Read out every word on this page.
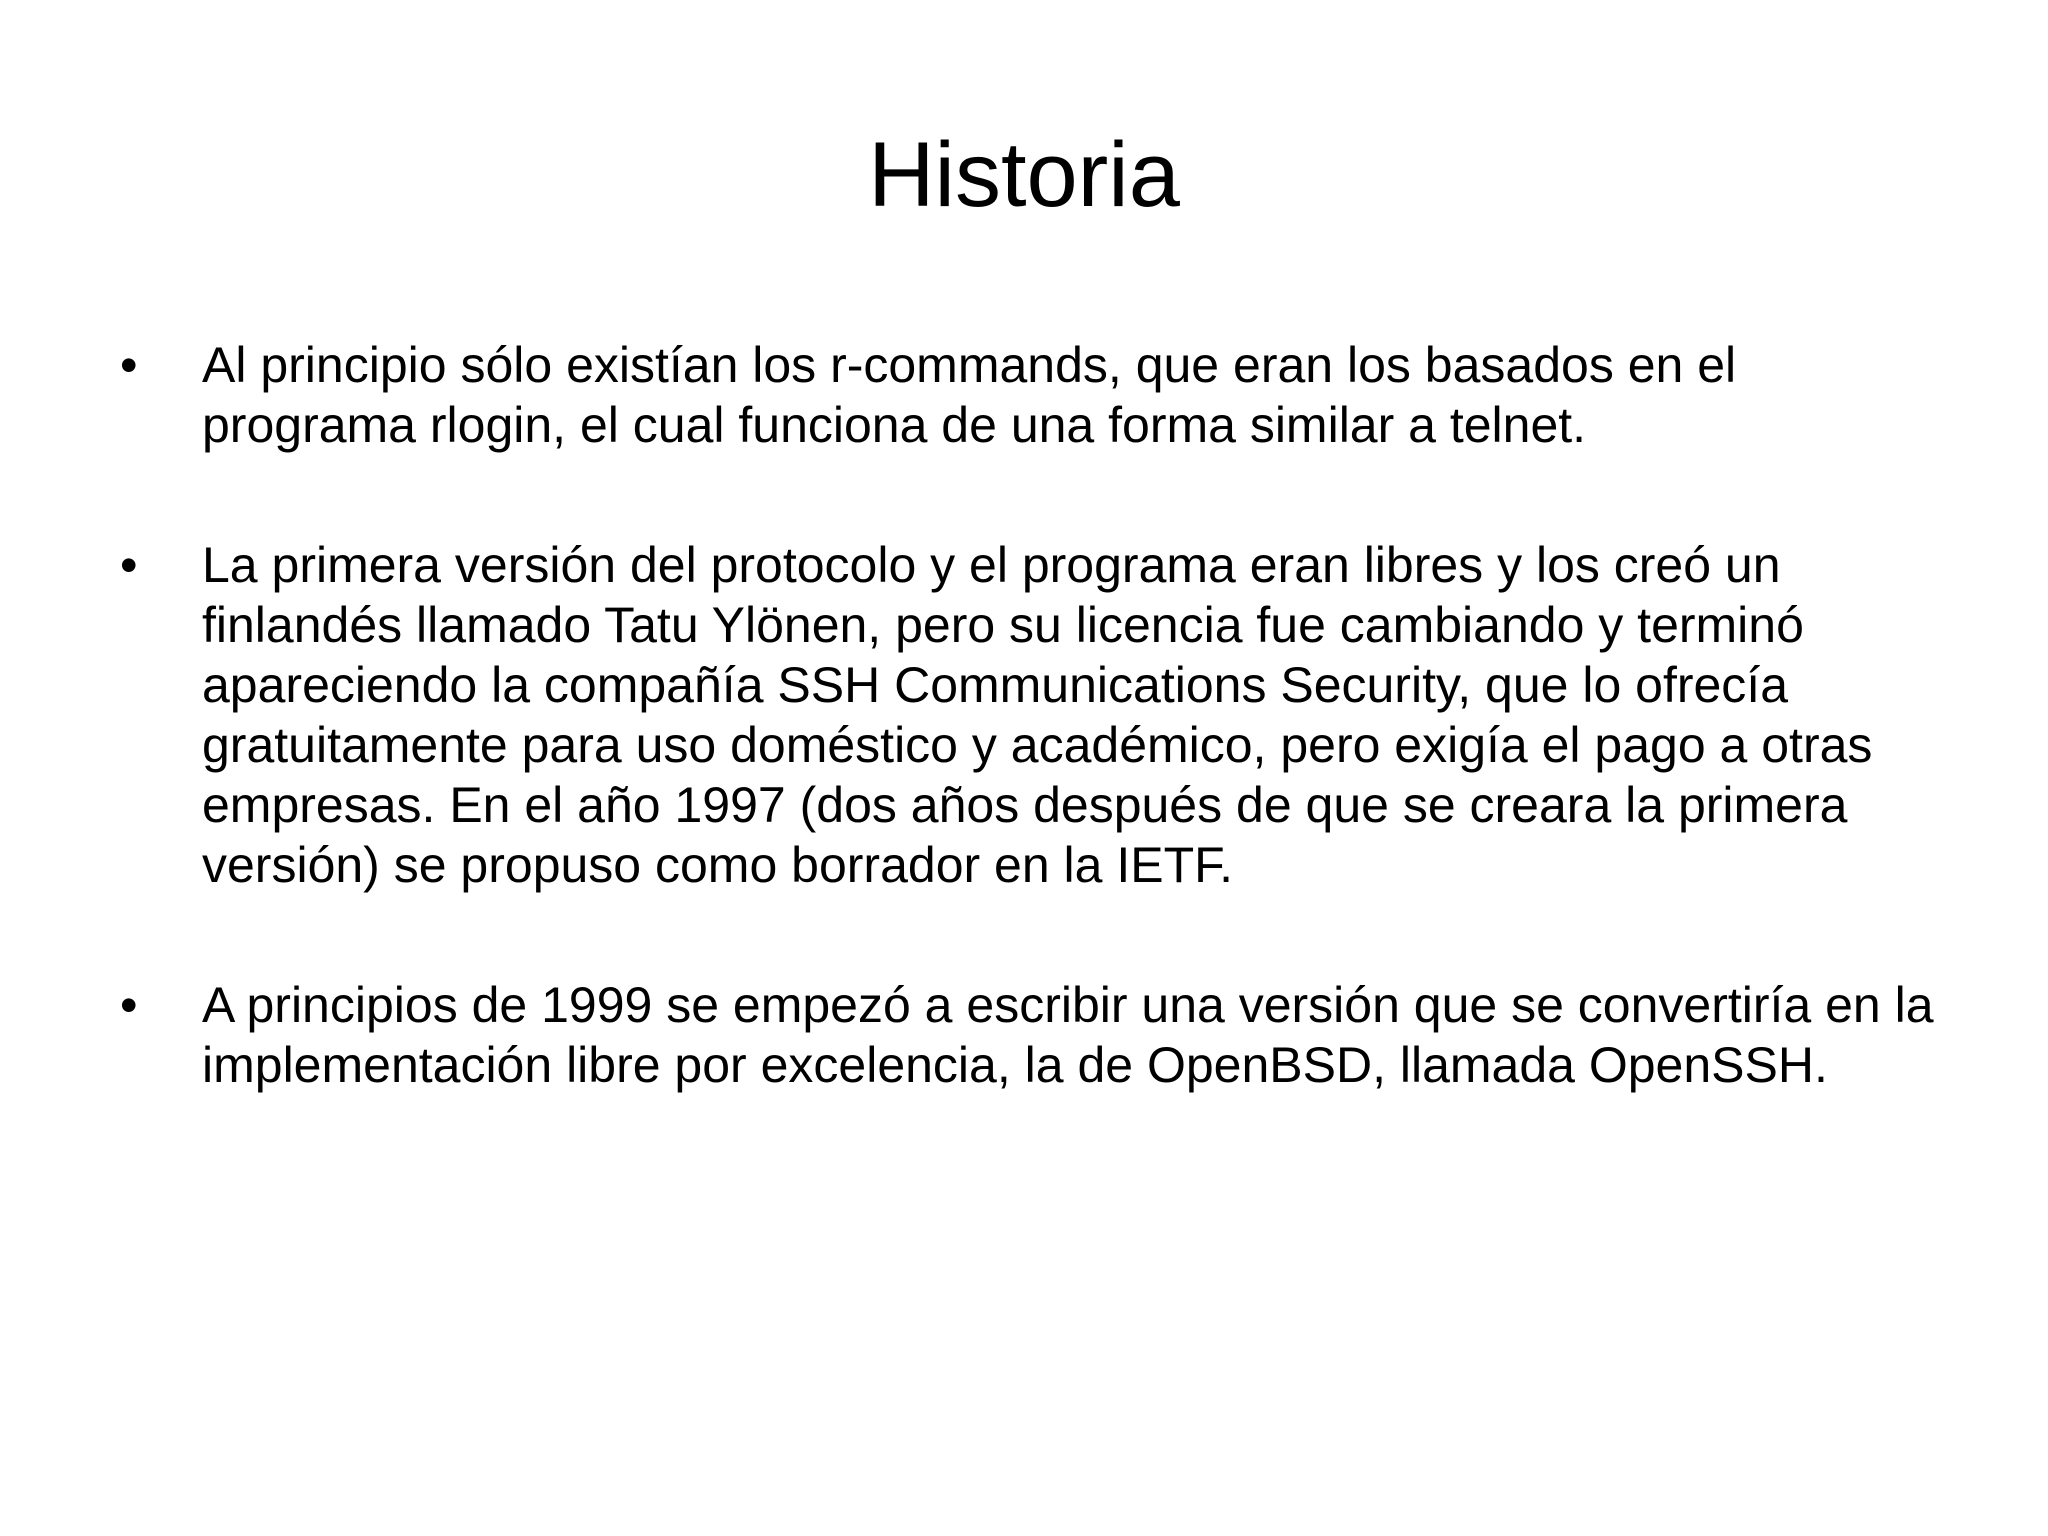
Historia
•	Al principio sólo existían los r-commands, que eran los basados en el programa rlogin, el cual funciona de una forma similar a telnet.
•	La primera versión del protocolo y el programa eran libres y los creó un finlandés llamado Tatu Ylönen, pero su licencia fue cambiando y terminó apareciendo la compañía SSH Communications Security, que lo ofrecía gratuitamente para uso doméstico y académico, pero exigía el pago a otras empresas. En el año 1997 (dos años después de que se creara la primera versión) se propuso como borrador en la IETF.
•	A principios de 1999 se empezó a escribir una versión que se convertiría en la implementación libre por excelencia, la de OpenBSD, llamada OpenSSH.
